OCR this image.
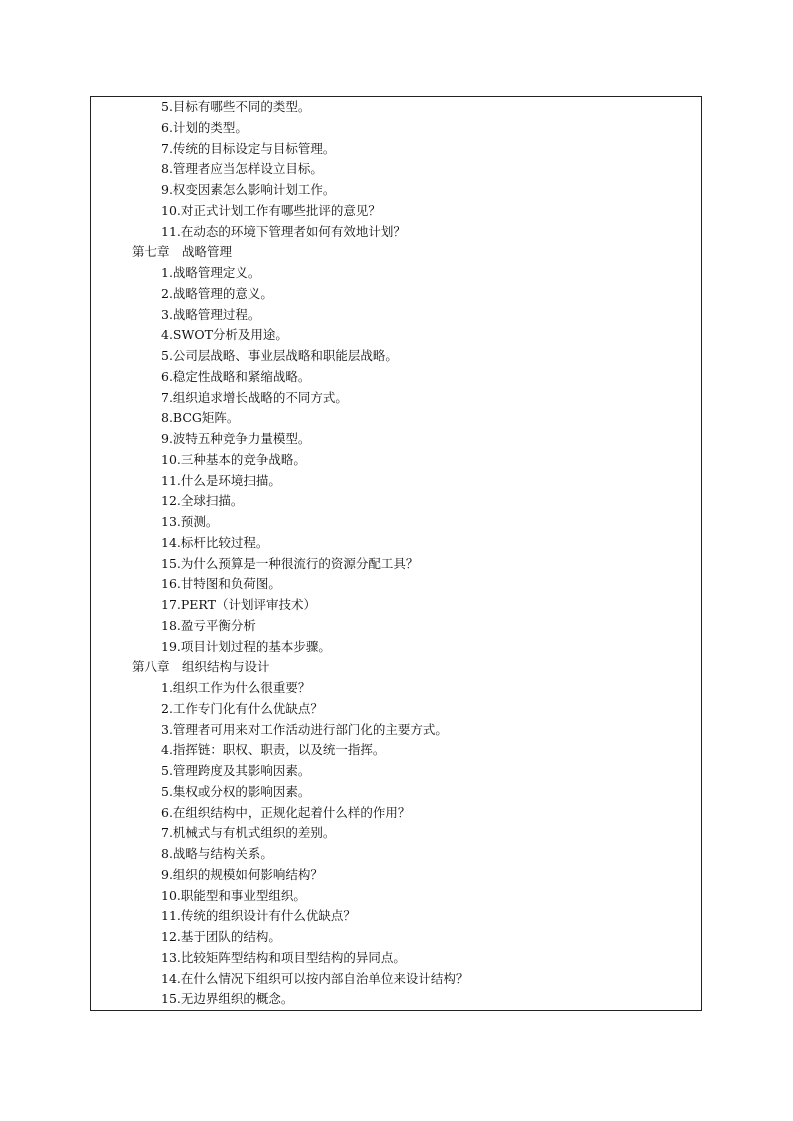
5.目标有哪些不同的类型。
6.计划的类型。
7.传统的目标设定与目标管理。
8.管理者应当怎样设立目标。
9.权变因素怎么影响计划工作。
10.对正式计划工作有哪些批评的意见？
11.在动态的环境下管理者如何有效地计划？
第七章　战略管理
1.战略管理定义。
2.战略管理的意义。
3.战略管理过程。
4.SWOT分析及用途。
5.公司层战略、事业层战略和职能层战略。
6.稳定性战略和紧缩战略。
7.组织追求增长战略的不同方式。
8.BCG矩阵。
9.波特五种竞争力量模型。
10.三种基本的竞争战略。
11.什么是环境扫描。
12.全球扫描。
13.预测。
14.标杆比较过程。
15.为什么预算是一种很流行的资源分配工具？
16.甘特图和负荷图。
17.PERT（计划评审技术）
18.盈亏平衡分析
19.项目计划过程的基本步骤。
第八章　组织结构与设计
1.组织工作为什么很重要？
2.工作专门化有什么优缺点？
3.管理者可用来对工作活动进行部门化的主要方式。
4.指挥链：职权、职责，以及统一指挥。
5.管理跨度及其影响因素。
5.集权或分权的影响因素。
6.在组织结构中，正规化起着什么样的作用？
7.机械式与有机式组织的差别。
8.战略与结构关系。
9.组织的规模如何影响结构？
10.职能型和事业型组织。
11.传统的组织设计有什么优缺点？
12.基于团队的结构。
13.比较矩阵型结构和项目型结构的异同点。
14.在什么情况下组织可以按内部自治单位来设计结构？
15.无边界组织的概念。
